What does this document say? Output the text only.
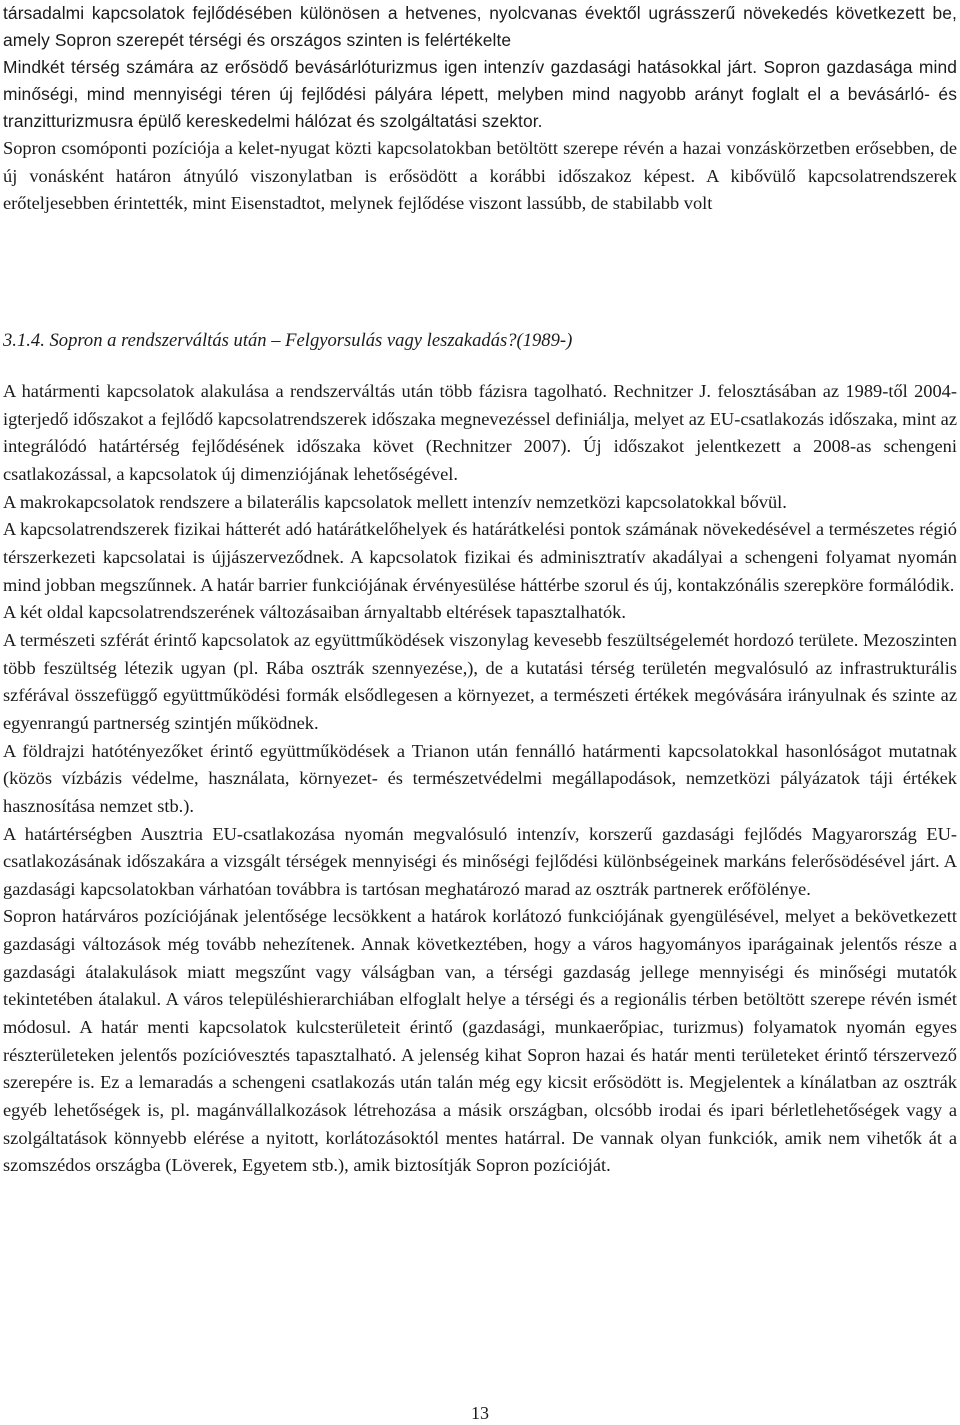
társadalmi kapcsolatok fejlődésében különösen a hetvenes, nyolcvanas évektől ugrásszerű növekedés következett be, amely Sopron szerepét térségi és országos szinten is felértékelte

Mindkét térség számára az erősödő bevásárlóturizmus igen intenzív gazdasági hatásokkal járt. Sopron gazdasága mind minőségi, mind mennyiségi téren új fejlődési pályára lépett, melyben mind nagyobb arányt foglalt el a bevásárló- és tranzitturizmusra épülő kereskedelmi hálózat és szolgáltatási szektor.

Sopron csomóponti pozíciója a kelet-nyugat közti kapcsolatokban betöltött szerepe révén a hazai vonzáskörzetben erősebben, de új vonásként határon átnyúló viszonylatban is erősödött a korábbi időszakoz képest. A kibővülő kapcsolatrendszerek erőteljesebben érintették, mint Eisenstadtot, melynek fejlődése viszont lassúbb, de stabilabb volt

3.1.4. Sopron a rendszerváltás után – Felgyorsulás vagy leszakadás?(1989-)

A határmenti kapcsolatok alakulása a rendszerváltás után több fázisra tagolható. Rechnitzer J. felosztásában az 1989-től 2004-igterjedő időszakot a fejlődő kapcsolatrendszerek időszaka megnevezéssel definiálja, melyet az EU-csatlakozás időszaka, mint az integrálódó határtérség fejlődésének időszaka követ (Rechnitzer 2007). Új időszakot jelentkezett a 2008-as schengeni csatlakozással, a kapcsolatok új dimenziójának lehetőségével.

A makrokapcsolatok rendszere a bilaterális kapcsolatok mellett intenzív nemzetközi kapcsolatokkal bővül.

A kapcsolatrendszerek fizikai hátterét adó határátkelőhelyek és határátkelési pontok számának növekedésével a természetes régió térszerkezeti kapcsolatai is újjászerveződnek. A kapcsolatok fizikai és adminisztratív akadályai a schengeni folyamat nyomán mind jobban megszűnnek. A határ barrier funkciójának érvényesülése háttérbe szorul és új, kontakzónális szerepköre formálódik.

A két oldal kapcsolatrendszerének változásaiban árnyaltabb eltérések tapasztalhatók.

A természeti szférát érintő kapcsolatok az együttműködések viszonylag kevesebb feszültségelemét hordozó területe. Mezoszinten több feszültség létezik ugyan (pl. Rába osztrák szennyezése,), de a kutatási térség területén megvalósuló az infrastrukturális szférával összefüggő együttműködési formák elsődlegesen a környezet, a természeti értékek megóvására irányulnak és szinte az egyenrangú partnerség szintjén működnek.

A földrajzi hatótényezőket érintő együttműködések a Trianon után fennálló határmenti kapcsolatokkal hasonlóságot mutatnak (közös vízbázis védelme, használata, környezet- és természetvédelmi megállapodások, nemzetközi pályázatok táji értékek hasznosítása nemzet stb.).

A határtérségben Ausztria EU-csatlakozása nyomán megvalósuló intenzív, korszerű gazdasági fejlődés Magyarország EU-csatlakozásának időszakára a vizsgált térségek mennyiségi és minőségi fejlődési különbségeinek markáns felerősödésével járt. A gazdasági kapcsolatokban várhatóan továbbra is tartósan meghatározó marad az osztrák partnerek erőfölénye.

Sopron határváros pozíciójának jelentősége lecsökkent a határok korlátozó funkciójának gyengülésével, melyet a bekövetkezett gazdasági változások még tovább nehezítenek. Annak következtében, hogy a város hagyományos iparágainak jelentős része a gazdasági átalakulások miatt megszűnt vagy válságban van, a térségi gazdaság jellege mennyiségi és minőségi mutatók tekintetében átalakul. A város településhierarchiában elfoglalt helye a térségi és a regionális térben betöltött szerepe révén ismét módosul. A határ menti kapcsolatok kulcsterületeit érintő (gazdasági, munkaerőpiac, turizmus) folyamatok nyomán egyes részterületeken jelentős pozícióvesztés tapasztalható. A jelenség kihat Sopron hazai és határ menti területeket érintő térszervező szerepére is. Ez a lemaradás a schengeni csatlakozás után talán még egy kicsit erősödött is. Megjelentek a kínálatban az osztrák egyéb lehetőségek is, pl. magánvállalkozások létrehozása a másik országban, olcsóbb irodai és ipari bérletlehetőségek vagy a szolgáltatások könnyebb elérése a nyitott, korlátozásoktól mentes határral. De vannak olyan funkciók, amik nem vihetők át a szomszédos országba (Löverek, Egyetem stb.), amik biztosítják Sopron pozícióját.

13
